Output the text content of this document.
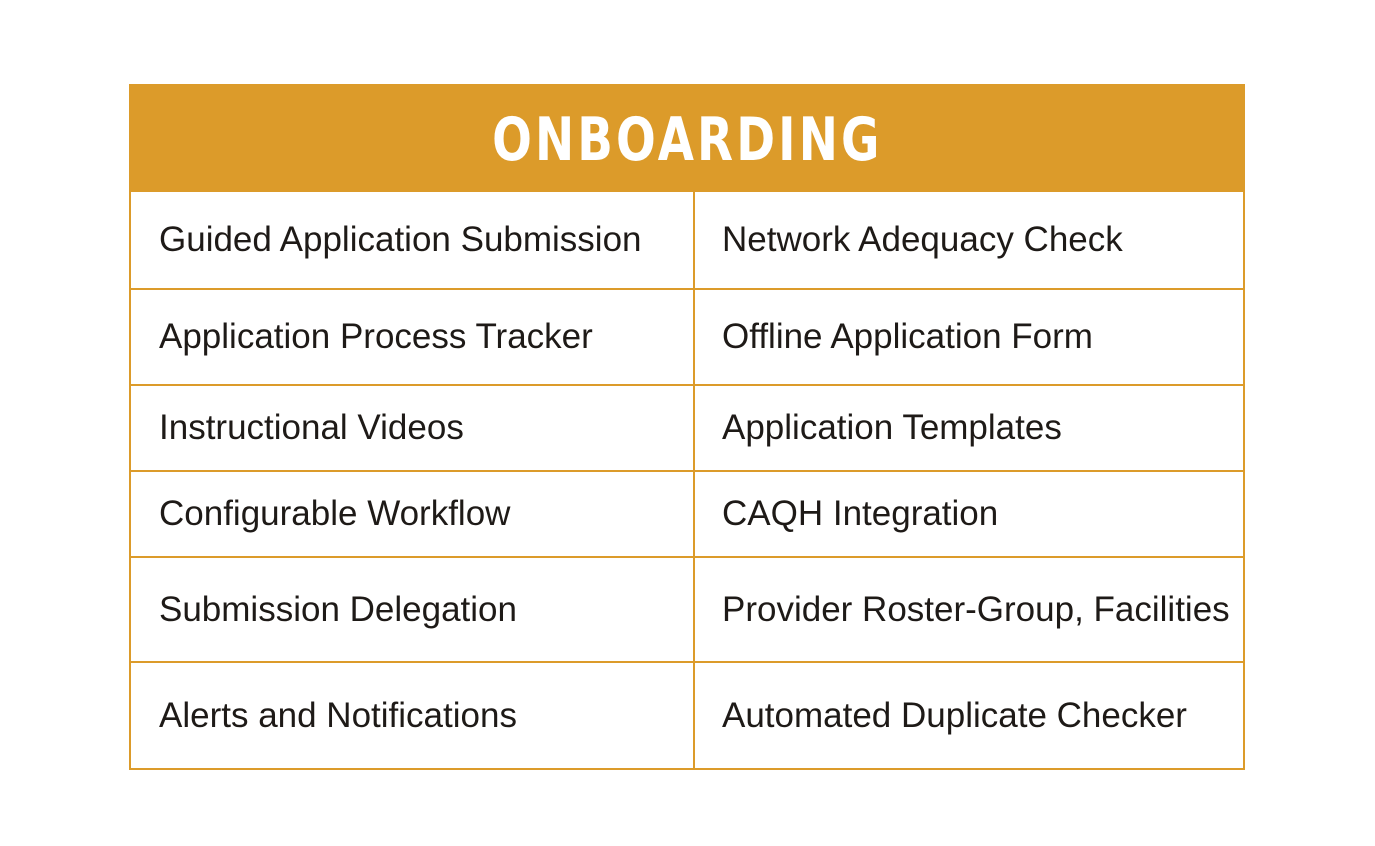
ONBOARDING
Guided Application Submission	Network Adequacy Check
Application Process Tracker	Offline Application Form
Instructional Videos	Application Templates
Configurable Workflow	CAQH Integration
Submission Delegation	Provider Roster-Group, Facilities
Alerts and Notifications	Automated Duplicate Checker
